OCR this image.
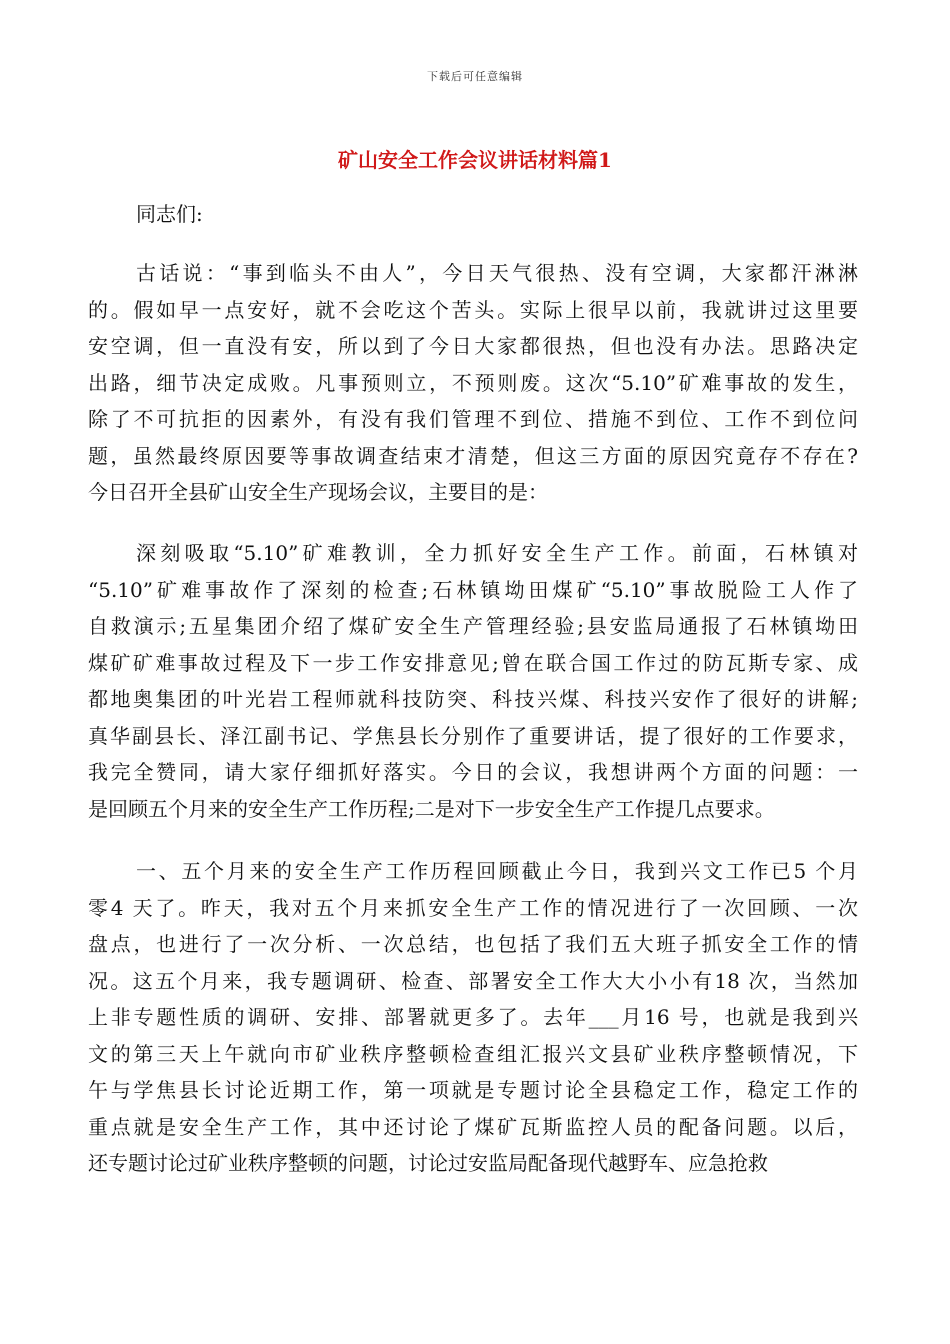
下载后可任意编辑
矿山安全工作会议讲话材料篇1
同志们:
古话说：“事到临头不由人”，今日天气很热、没有空调，大家都汗淋淋
的。假如早一点安好，就不会吃这个苦头。实际上很早以前，我就讲过这里要
安空调，但一直没有安，所以到了今日大家都很热，但也没有办法。思路决定
出路，细节决定成败。凡事预则立，不预则废。这次“5.10”矿难事故的发生，
除了不可抗拒的因素外，有没有我们管理不到位、措施不到位、工作不到位问
题，虽然最终原因要等事故调查结束才清楚，但这三方面的原因究竟存不存在?
今日召开全县矿山安全生产现场会议，主要目的是：
深刻吸取“5.10”矿难教训，全力抓好安全生产工作。前面，石林镇对
“5.10”矿难事故作了深刻的检查;石林镇坳田煤矿“5.10”事故脱险工人作了
自救演示;五星集团介绍了煤矿安全生产管理经验;县安监局通报了石林镇坳田
煤矿矿难事故过程及下一步工作安排意见;曾在联合国工作过的防瓦斯专家、成
都地奥集团的叶光岩工程师就科技防突、科技兴煤、科技兴安作了很好的讲解;
真华副县长、泽江副书记、学焦县长分别作了重要讲话，提了很好的工作要求，
我完全赞同，请大家仔细抓好落实。今日的会议，我想讲两个方面的问题：一
是回顾五个月来的安全生产工作历程;二是对下一步安全生产工作提几点要求。
一、五个月来的安全生产工作历程回顾截止今日，我到兴文工作已5 个月
零4 天了。昨天，我对五个月来抓安全生产工作的情况进行了一次回顾、一次
盘点，也进行了一次分析、一次总结，也包括了我们五大班子抓安全工作的情
况。这五个月来，我专题调研、检查、部署安全工作大大小小有18 次，当然加
上非专题性质的调研、安排、部署就更多了。去年___月16 号，也就是我到兴
文的第三天上午就向市矿业秩序整顿检查组汇报兴文县矿业秩序整顿情况，下
午与学焦县长讨论近期工作，第一项就是专题讨论全县稳定工作，稳定工作的
重点就是安全生产工作，其中还讨论了煤矿瓦斯监控人员的配备问题。以后，
还专题讨论过矿业秩序整顿的问题，讨论过安监局配备现代越野车、应急抢救
